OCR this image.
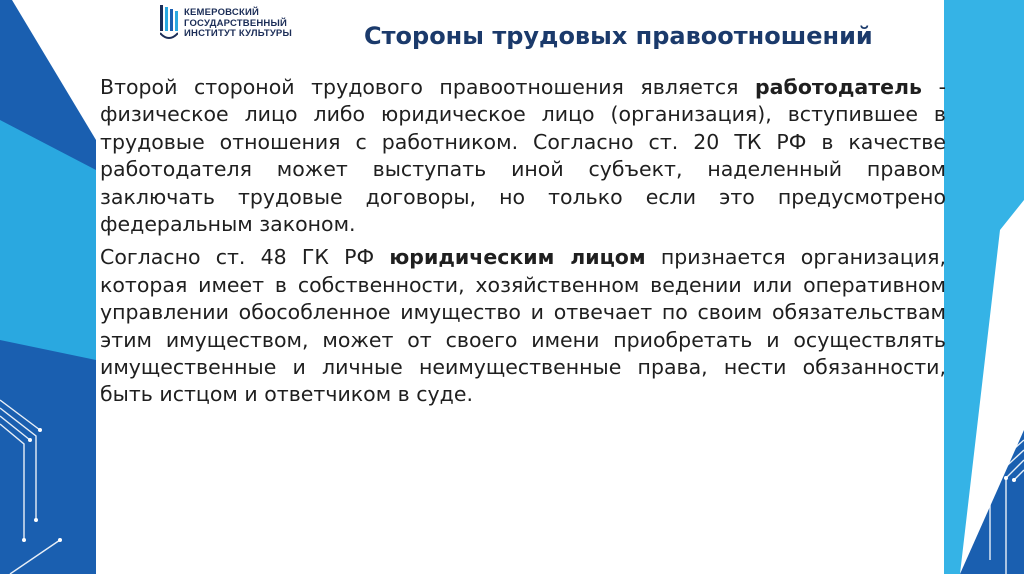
КЕМЕРОВСКИЙ
ГОСУДАРСТВЕННЫЙ
ИНСТИТУТ КУЛЬТУРЫ	Стороны трудовых правоотношений

Второй стороной трудового правоотношения является работодатель - физическое лицо либо юридическое лицо (организация), вступившее в трудовые отношения с работником. Согласно ст. 20 ТК РФ в качестве работодателя может выступать иной субъект, наделенный правом заключать трудовые договоры, но только если это предусмотрено федеральным законом.

Согласно ст. 48 ГК РФ юридическим лицом признается организация, которая имеет в собственности, хозяйственном ведении или оперативном управлении обособленное имущество и отвечает по своим обязательствам этим имуществом, может от своего имени приобретать и осуществлять имущественные и личные неимущественные права, нести обязанности, быть истцом и ответчиком в суде.
